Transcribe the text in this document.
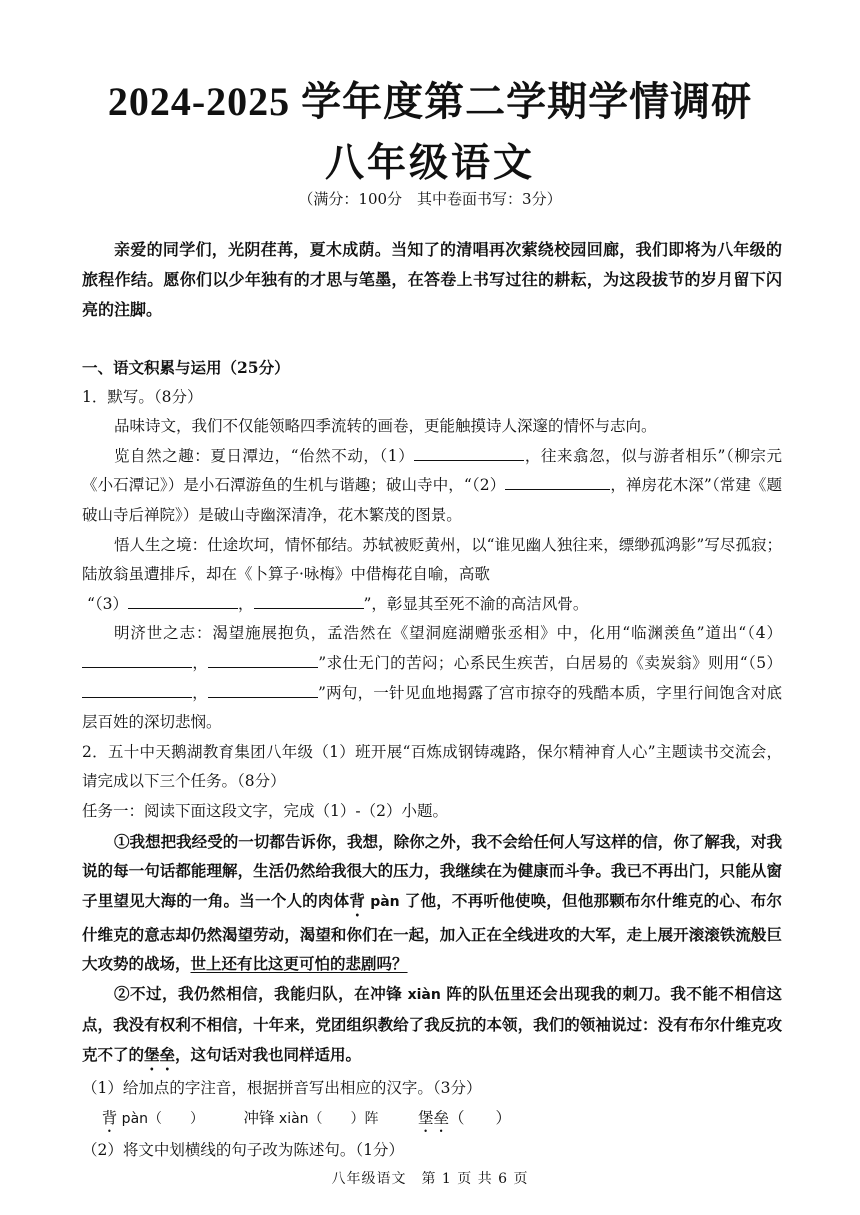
2024-2025 学年度第二学期学情调研
八年级语文
（满分：100分　其中卷面书写：3分）
亲爱的同学们，光阴荏苒，夏木成荫。当知了的清唱再次萦绕校园回廊，我们即将为八年级的旅程作结。愿你们以少年独有的才思与笔墨，在答卷上书写过往的耕耘，为这段拔节的岁月留下闪亮的注脚。

一、语文积累与运用（25分）

1．默写。（8分）

品味诗文，我们不仅能领略四季流转的画卷，更能触摸诗人深邃的情怀与志向。

览自然之趣：夏日潭边，“佁然不动，（1）	，往来翕忽，似与游者相乐”（柳宗元《小石潭记》）是小石潭游鱼的生机与谐趣；破山寺中，“（2）	，禅房花木深”（常建《题破山寺后禅院》）是破山寺幽深清净，花木繁茂的图景。

悟人生之境：仕途坎坷，情怀郁结。苏轼被贬黄州，以“谁见幽人独往来，缥缈孤鸿影”写尽孤寂；陆放翁虽遭排斥，却在《卜算子·咏梅》中借梅花自喻，高歌

“（3）	，	”，彰显其至死不渝的高洁风骨。

明济世之志：渴望施展抱负，孟浩然在《望洞庭湖赠张丞相》中，化用“临渊羡鱼”道出“（4），	”求仕无门的苦闷；心系民生疾苦，白居易的《卖炭翁》则用“（5），	”两句，一针见血地揭露了宫市掠夺的残酷本质，字里行间饱含对底层百姓的深切悲悯。

2．五十中天鹅湖教育集团八年级（1）班开展“百炼成钢铸魂路，保尔精神育人心”主题读书交流会，请完成以下三个任务。（8分）

任务一：阅读下面这段文字，完成（1）-（2）小题。

①我想把我经受的一切都告诉你，我想，除你之外，我不会给任何人写这样的信，你了解我，对我说的每一句话都能理解，生活仍然给我很大的压力，我继续在为健康而斗争。我已不再出门，只能从窗子里望见大海的一角。当一个人的肉体背 pàn 了他，不再听他使唤，但他那颗布尔什维克的心、布尔什维克的意志却仍然渴望劳动，渴望和你们在一起，加入正在全线进攻的大军，走上展开滚滚铁流般巨大攻势的战场，世上还有比这更可怕的悲剧吗？

②不过，我仍然相信，我能归队，在冲锋 xiàn 阵的队伍里还会出现我的刺刀。我不能不相信这点，我没有权利不相信，十年来，党团组织教给了我反抗的本领，我们的领袖说过：没有布尔什维克攻克不了的堡垒，这句话对我也同样适用。

（1）给加点的字注音，根据拼音写出相应的汉字。（3分）

背 pàn（　　）	冲锋 xiàn（　　）阵	堡垒（　　）

（2）将文中划横线的句子改为陈述句。（1分）

八年级语文　第 1 页 共 6 页
